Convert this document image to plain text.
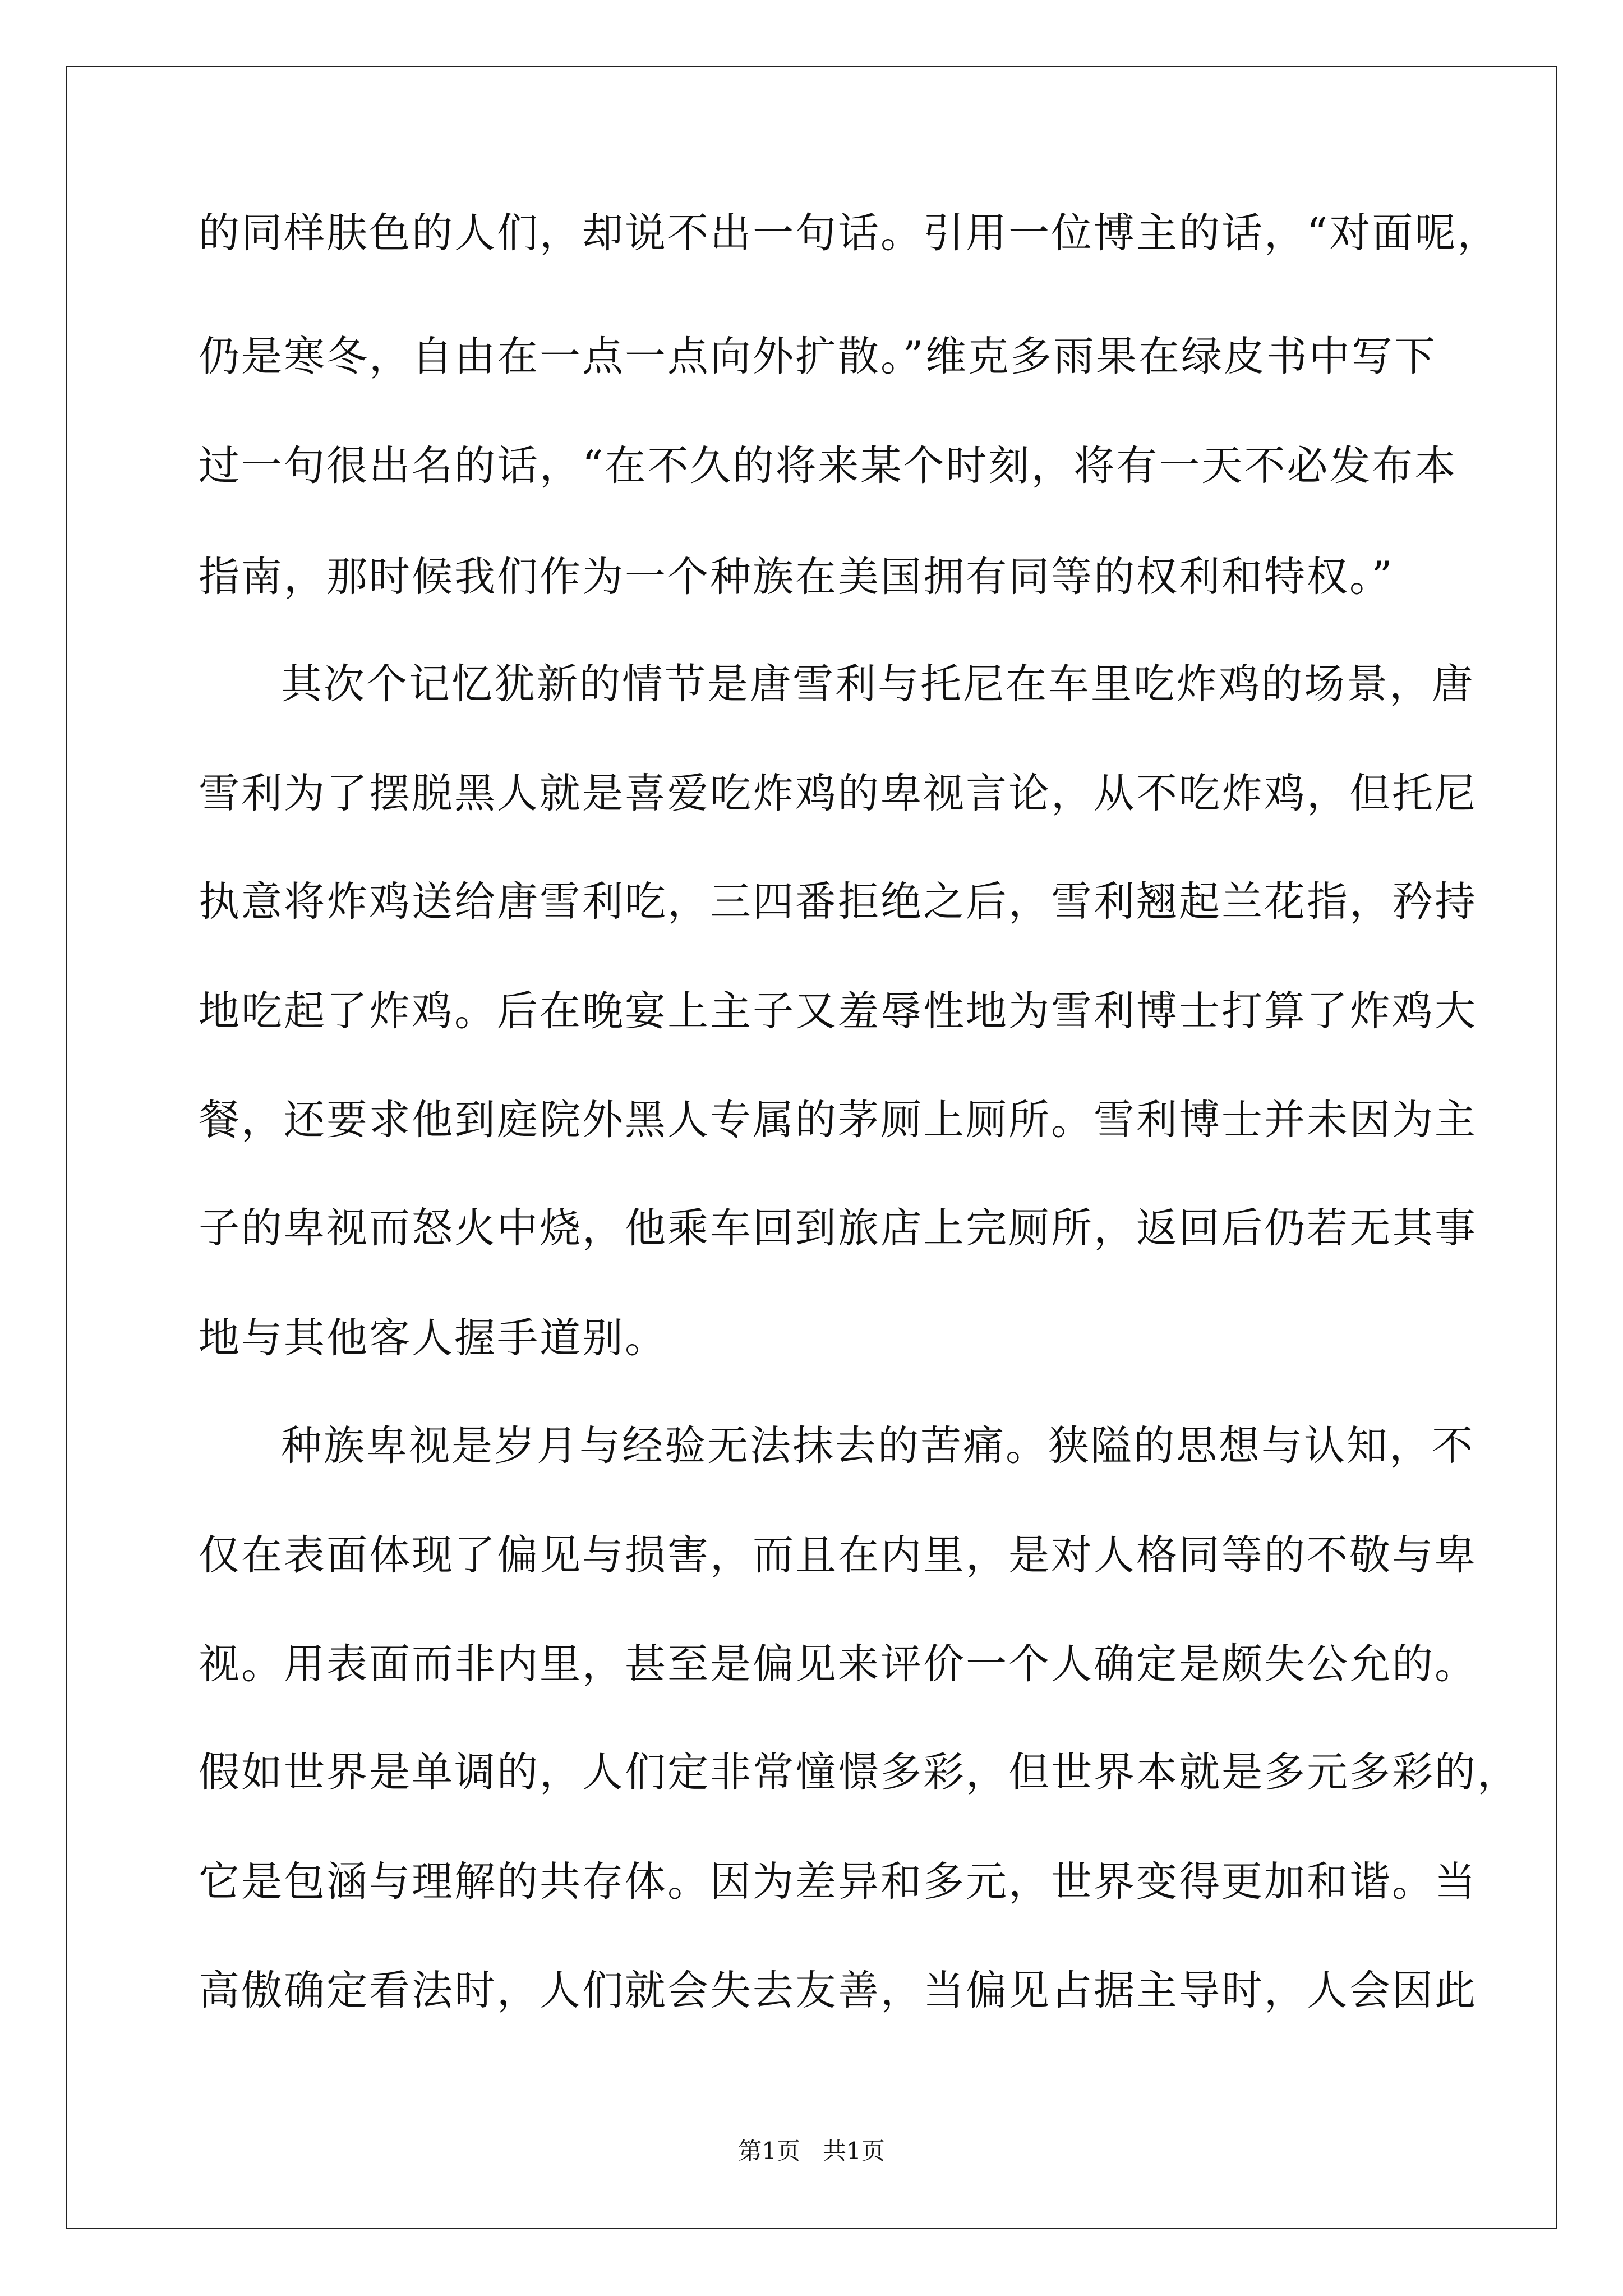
的同样肤色的人们，却说不出一句话。引用一位博主的话，“对面呢，
仍是寒冬，自由在一点一点向外扩散。”维克多雨果在绿皮书中写下
过一句很出名的话，“在不久的将来某个时刻，将有一天不必发布本
指南，那时候我们作为一个种族在美国拥有同等的权利和特权。”
其次个记忆犹新的情节是唐雪利与托尼在车里吃炸鸡的场景，唐
雪利为了摆脱黑人就是喜爱吃炸鸡的卑视言论，从不吃炸鸡，但托尼
执意将炸鸡送给唐雪利吃，三四番拒绝之后，雪利翘起兰花指，矜持
地吃起了炸鸡。后在晚宴上主子又羞辱性地为雪利博士打算了炸鸡大
餐，还要求他到庭院外黑人专属的茅厕上厕所。雪利博士并未因为主
子的卑视而怒火中烧，他乘车回到旅店上完厕所，返回后仍若无其事
地与其他客人握手道别。
种族卑视是岁月与经验无法抹去的苦痛。狭隘的思想与认知，不
仅在表面体现了偏见与损害，而且在内里，是对人格同等的不敬与卑
视。用表面而非内里，甚至是偏见来评价一个人确定是颇失公允的。
假如世界是单调的，人们定非常憧憬多彩，但世界本就是多元多彩的，
它是包涵与理解的共存体。因为差异和多元，世界变得更加和谐。当
高傲确定看法时，人们就会失去友善，当偏见占据主导时，人会因此
第1页   共1页
